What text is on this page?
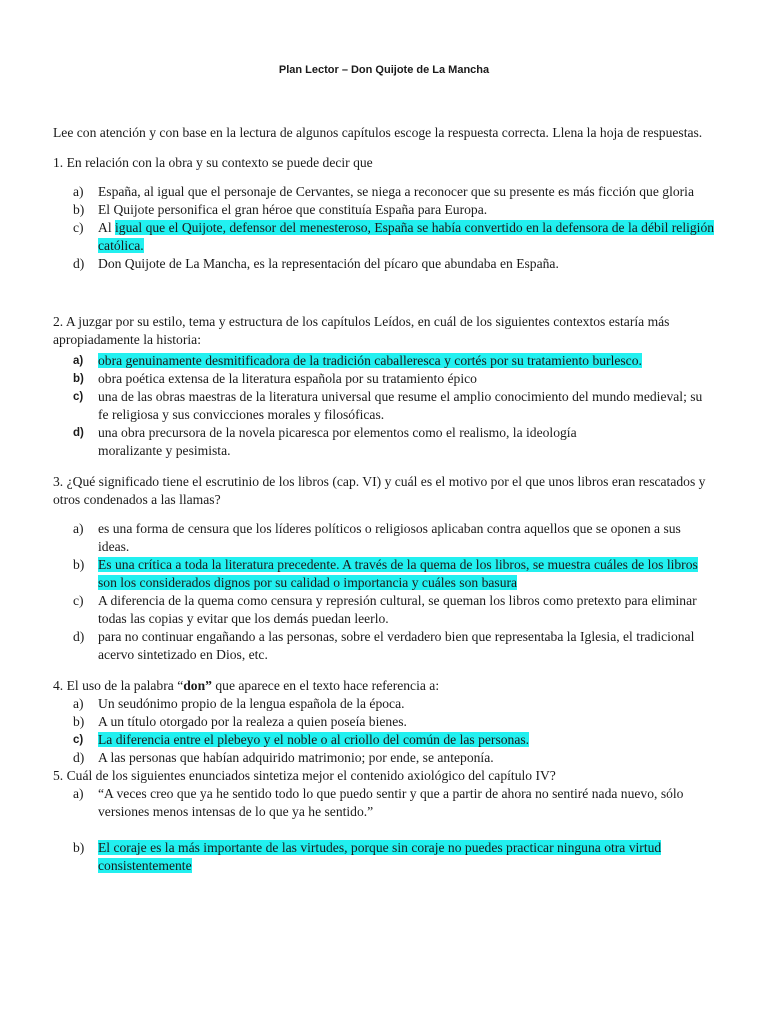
Plan Lector – Don Quijote de La Mancha

Lee con atención y con base en la lectura de algunos capítulos escoge la respuesta correcta. Llena la hoja de respuestas.

1. En relación con la obra y su contexto se puede decir que

a) España, al igual que el personaje de Cervantes, se niega a reconocer que su presente es más ficción que gloria
b) El Quijote personifica el gran héroe que constituía España para Europa.
c) Al igual que el Quijote, defensor del menesteroso, España se había convertido en la defensora de la débil religión católica.
d) Don Quijote de La Mancha, es la representación del pícaro que abundaba en España.

2. A juzgar por su estilo, tema y estructura de los capítulos Leídos, en cuál de los siguientes contextos estaría más apropiadamente la historia:

a) obra genuinamente desmitificadora de la tradición caballeresca y cortés por su tratamiento burlesco.
b) obra poética extensa de la literatura española por su tratamiento épico
c) una de las obras maestras de la literatura universal que resume el amplio conocimiento del mundo medieval; su fe religiosa y sus convicciones morales y filosóficas.
d) una obra precursora de la novela picaresca por elementos como el realismo, la ideología moralizante y pesimista.

3. ¿Qué significado tiene el escrutinio de los libros (cap. VI) y cuál es el motivo por el que unos libros eran rescatados y otros condenados a las llamas?

a) es una forma de censura que los líderes políticos o religiosos aplicaban contra aquellos que se oponen a sus ideas.
b) Es una crítica a toda la literatura precedente. A través de la quema de los libros, se muestra cuáles de los libros son los considerados dignos por su calidad o importancia y cuáles son basura
c) A diferencia de la quema como censura y represión cultural, se queman los libros como pretexto para eliminar todas las copias y evitar que los demás puedan leerlo.
d) para no continuar engañando a las personas, sobre el verdadero bien que representaba la Iglesia, el tradicional acervo sintetizado en Dios, etc.

4. El uso de la palabra “don” que aparece en el texto hace referencia a:

a) Un seudónimo propio de la lengua española de la época.
b) A un título otorgado por la realeza a quien poseía bienes.
c) La diferencia entre el plebeyo y el noble o al criollo del común de las personas.
d) A las personas que habían adquirido matrimonio; por ende, se anteponía.

5. Cuál de los siguientes enunciados sintetiza mejor el contenido axiológico del capítulo IV?

a) “A veces creo que ya he sentido todo lo que puedo sentir y que a partir de ahora no sentiré nada nuevo, sólo versiones menos intensas de lo que ya he sentido.”
b) El coraje es la más importante de las virtudes, porque sin coraje no puedes practicar ninguna otra virtud consistentemente
